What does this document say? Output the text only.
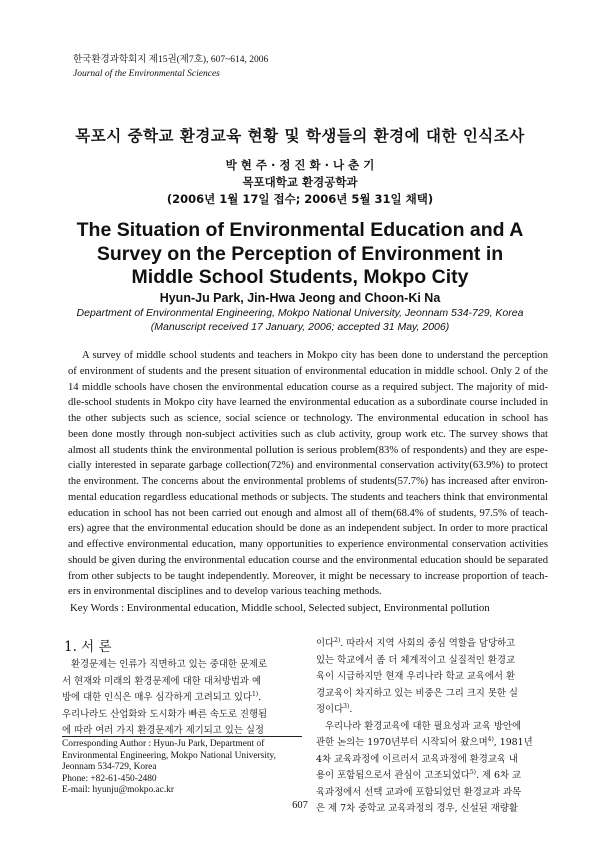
한국환경과학회지 제15권(제7호), 607~614, 2006
Journal of the Environmental Sciences
목포시 중학교 환경교육 현황 및 학생들의 환경에 대한 인식조사
박 현 주 · 정 진 화 · 나 춘 기
목포대학교 환경공학과
(2006년 1월 17일 접수; 2006년 5월 31일 채택)
The Situation of Environmental Education and A
Survey on the Perception of Environment in
Middle School Students, Mokpo City
Hyun-Ju Park, Jin-Hwa Jeong and Choon-Ki Na
Department of Environmental Engineering, Mokpo National University, Jeonnam 534-729, Korea
(Manuscript received 17 January, 2006; accepted 31 May, 2006)
A survey of middle school students and teachers in Mokpo city has been done to understand the perception
of environment of students and the present situation of environmental education in middle school. Only 2 of the
14 middle schools have chosen the environmental education course as a required subject. The majority of mid-
dle-school students in Mokpo city have learned the environmental education as a subordinate course included in
the other subjects such as science, social science or technology. The environmental education in school has
been done mostly through non-subject activities such as club activity, group work etc. The survey shows that
almost all students think the environmental pollution is serious problem(83% of respondents) and they are espe-
cially interested in separate garbage collection(72%) and environmental conservation activity(63.9%) to protect
the environment. The concerns about the environmental problems of students(57.7%) has increased after environ-
mental education regardless educational methods or subjects. The students and teachers think that environmental
education in school has not been carried out enough and almost all of them(68.4% of students, 97.5% of teach-
ers) agree that the environmental education should be done as an independent subject. In order to more practical
and effective environmental education, many opportunities to experience environmental conservation activities
should be given during the environmental education course and the environmental education should be separated
from other subjects to be taught independently. Moreover, it might be necessary to increase proportion of teach-
ers in environmental disciplines and to develop various teaching methods.
Key Words : Environmental education, Middle school, Selected subject, Environmental pollution
1. 서 론
환경문제는 인류가 직면하고 있는 중대한 문제로
서 현재와 미래의 환경문제에 대한 대처방법과 예
방에 대한 인식은 매우 심각하게 고려되고 있다$^{1)}$.
우리나라도 산업화와 도시화가 빠른 속도로 진행됨
에 따라 여러 가지 환경문제가 제기되고 있는 실정
Corresponding Author : Hyun-Ju Park, Department of
Environmental Engineering, Mokpo National University,
Jeonnam 534-729, Korea
Phone: +82-61-450-2480
E-mail: hyunju@mokpo.ac.kr
이다$^{2)}$. 따라서 지역 사회의 중심 역할을 담당하고
있는 학교에서 좀 더 체계적이고 실질적인 환경교
육이 시급하지만 현재 우리나라 학교 교육에서 환
경교육이 차지하고 있는 비중은 그리 크지 못한 실
정이다$^{3)}$.
우리나라 환경교육에 대한 필요성과 교육 방안에
관한 논의는 1970년부터 시작되어 왔으며$^{4)}$, 1981년
4차 교육과정에 이르러서 교육과정에 환경교육 내
용이 포함됨으로서 관심이 고조되었다$^{5)}$. 제 6차 교
육과정에서 선택 교과에 포함되었던 환경교과 과목
은 제 7차 중학교 교육과정의 경우, 신설된 재량활
607
